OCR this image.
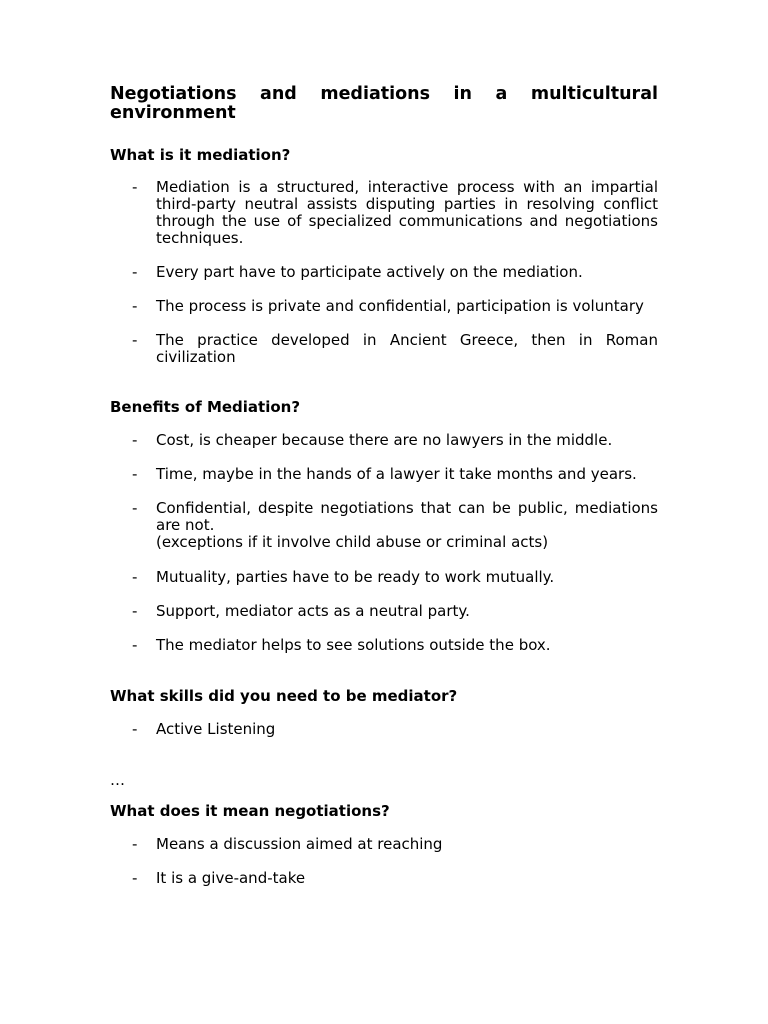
Negotiations and mediations in a multicultural environment
What is it mediation?
- Mediation is a structured, interactive process with an impartial third-party neutral assists disputing parties in resolving conflict through the use of specialized communications and negotiations techniques.
- Every part have to participate actively on the mediation.
- The process is private and confidential, participation is voluntary
- The practice developed in Ancient Greece, then in Roman civilization
Benefits of Mediation?
- Cost, is cheaper because there are no lawyers in the middle.
- Time, maybe in the hands of a lawyer it take months and years.
- Confidential, despite negotiations that can be public, mediations are not.
(exceptions if it involve child abuse or criminal acts)
- Mutuality, parties have to be ready to work mutually.
- Support, mediator acts as a neutral party.
- The mediator helps to see solutions outside the box.
What skills did you need to be mediator?
- Active Listening

…

What does it mean negotiations?
- Means a discussion aimed at reaching
- It is a give-and-take
